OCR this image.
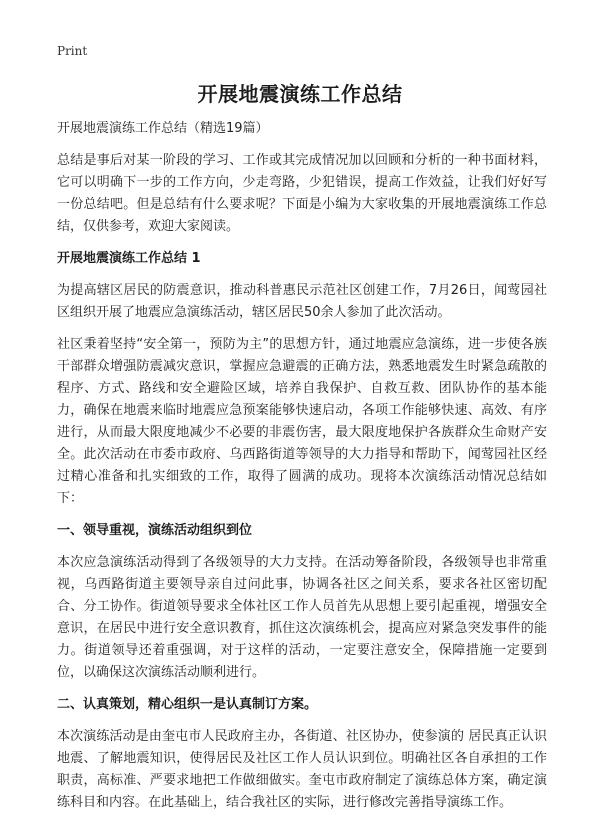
Print
开展地震演练工作总结

开展地震演练工作总结（精选19篇）

总结是事后对某一阶段的学习、工作或其完成情况加以回顾和分析的一种书面材料，它可以明确下一步的工作方向，少走弯路，少犯错误，提高工作效益，让我们好好写一份总结吧。但是总结有什么要求呢？下面是小编为大家收集的开展地震演练工作总结，仅供参考，欢迎大家阅读。

开展地震演练工作总结 1

为提高辖区居民的防震意识，推动科普惠民示范社区创建工作，7月26日，闻莺园社区组织开展了地震应急演练活动，辖区居民50余人参加了此次活动。

社区秉着坚持“安全第一，预防为主”的思想方针，通过地震应急演练，进一步使各族干部群众增强防震减灾意识，掌握应急避震的正确方法，熟悉地震发生时紧急疏散的程序、方式、路线和安全避险区域，培养自我保护、自救互救、团队协作的基本能力，确保在地震来临时地震应急预案能够快速启动，各项工作能够快速、高效、有序进行，从而最大限度地减少不必要的非震伤害，最大限度地保护各族群众生命财产安全。此次活动在市委市政府、乌西路街道等领导的大力指导和帮助下，闻莺园社区经过精心准备和扎实细致的工作，取得了圆满的成功。现将本次演练活动情况总结如下：

一、领导重视，演练活动组织到位

本次应急演练活动得到了各级领导的大力支持。在活动筹备阶段，各级领导也非常重视，乌西路街道主要领导亲自过问此事，协调各社区之间关系，要求各社区密切配合、分工协作。街道领导要求全体社区工作人员首先从思想上要引起重视，增强安全意识，在居民中进行安全意识教育，抓住这次演练机会，提高应对紧急突发事件的能力。街道领导还着重强调，对于这样的活动，一定要注意安全，保障措施一定要到位，以确保这次演练活动顺利进行。

二、认真策划，精心组织一是认真制订方案。

本次演练活动是由奎屯市人民政府主办，各街道、社区协办，使参演的 居民真正认识地震、了解地震知识，使得居民及社区工作人员认识到位。明确社区各自承担的工作职责，高标准、严要求地把工作做细做实。奎屯市政府制定了演练总体方案，确定演练科目和内容。在此基础上，结合我社区的实际，进行修改完善指导演练工作。
